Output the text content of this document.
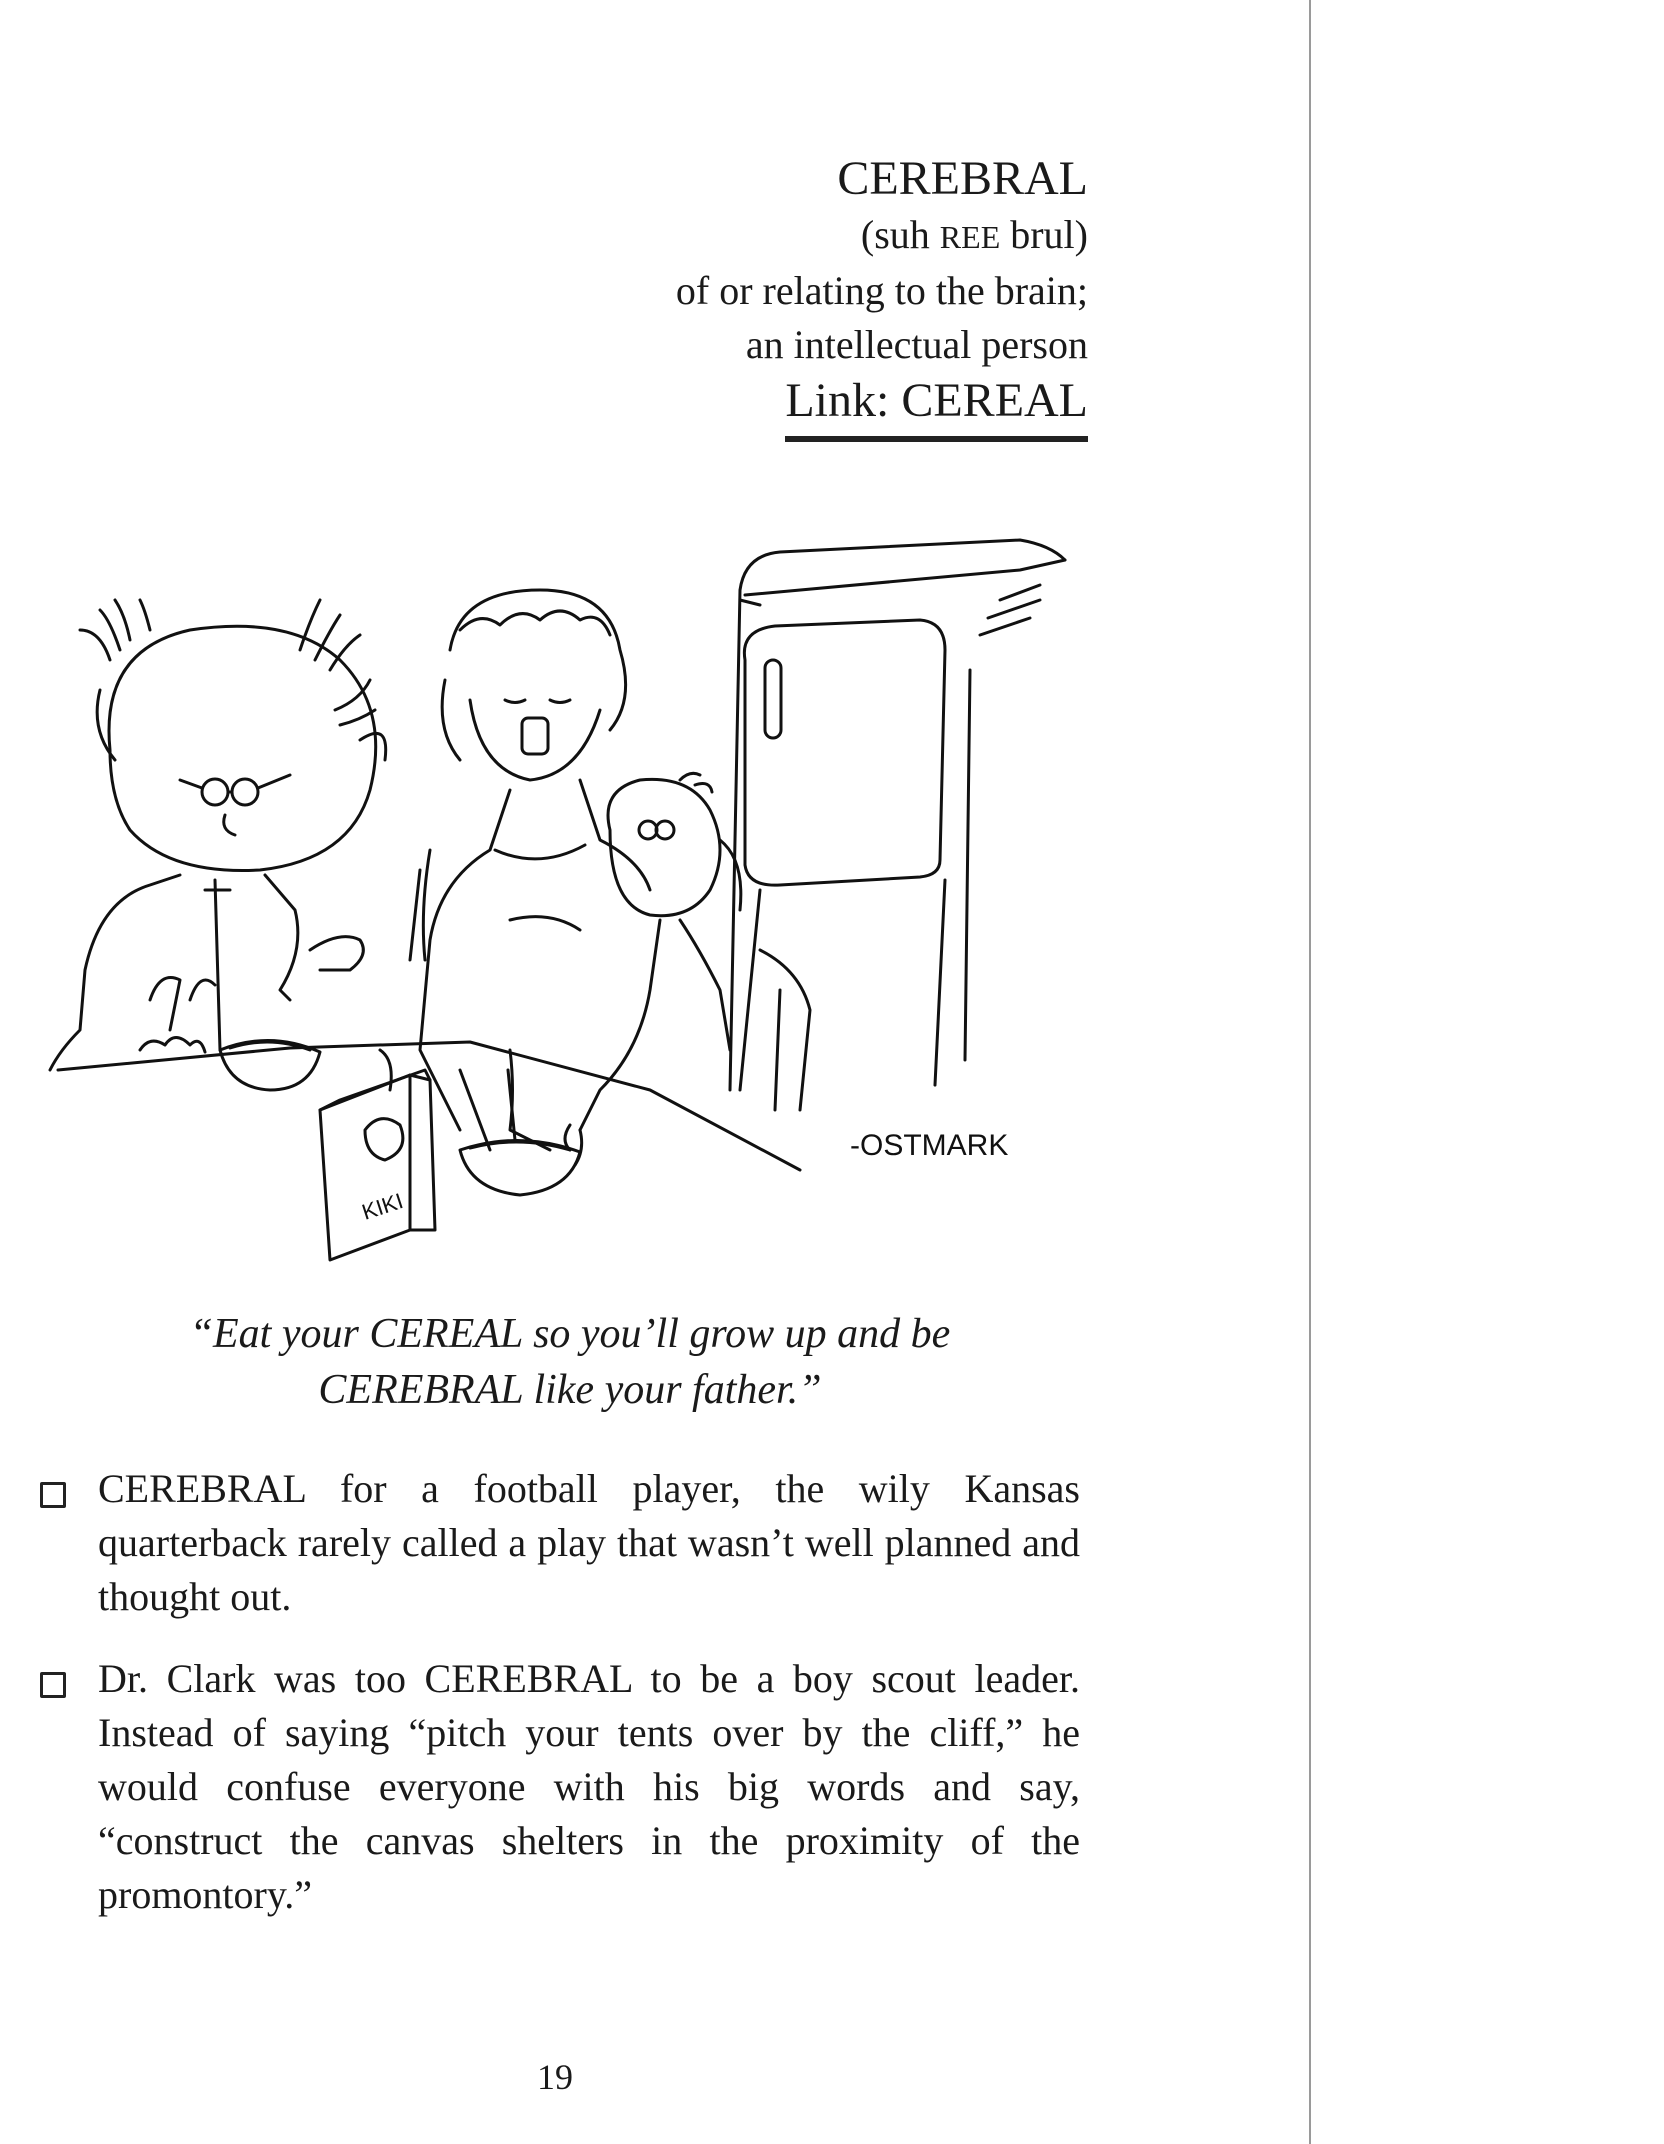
CEREBRAL
(suh REE brul)
of or relating to the brain;
an intellectual person
Link: CEREAL
KIKI
-OSTMARK
“Eat your CEREAL so you’ll grow up and be
CEREBRAL like your father.”
CEREBRAL for a football player, the wily Kansas quarterback rarely called a play that wasn’t well planned and thought out.
Dr. Clark was too CEREBRAL to be a boy scout leader. Instead of saying “pitch your tents over by the cliff,” he would confuse everyone with his big words and say, “construct the canvas shelters in the proximity of the promontory.”
19
